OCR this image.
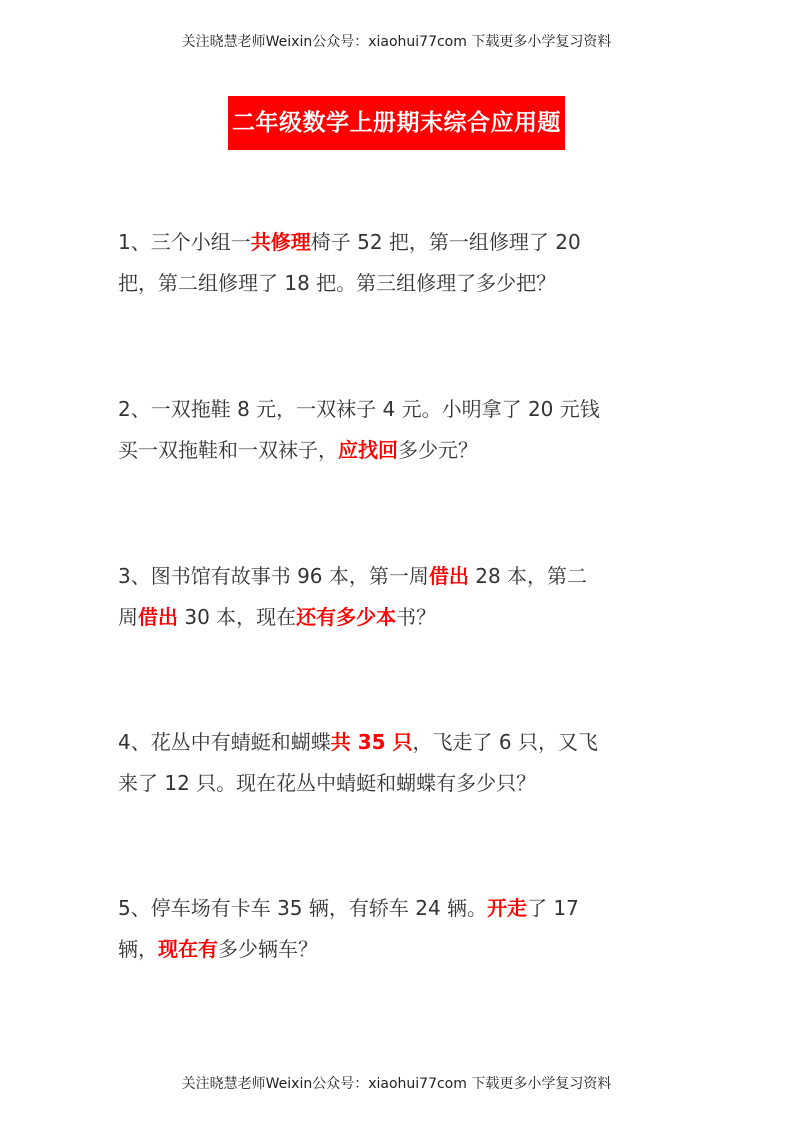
关注晓慧老师Weixin公众号：xiaohui77com 下载更多小学复习资料
二年级数学上册期末综合应用题
1、三个小组一共修理椅子 52 把，第一组修理了 20
把，第二组修理了 18 把。第三组修理了多少把？
2、一双拖鞋 8 元，一双袜子 4 元。小明拿了 20 元钱
买一双拖鞋和一双袜子，应找回多少元？
3、图书馆有故事书 96 本，第一周借出 28 本，第二
周借出 30 本，现在还有多少本书？
4、花丛中有蜻蜓和蝴蝶共 35 只，飞走了 6 只，又飞
来了 12 只。现在花丛中蜻蜓和蝴蝶有多少只？
5、停车场有卡车 35 辆，有轿车 24 辆。开走了 17
辆，现在有多少辆车？
关注晓慧老师Weixin公众号：xiaohui77com 下载更多小学复习资料
